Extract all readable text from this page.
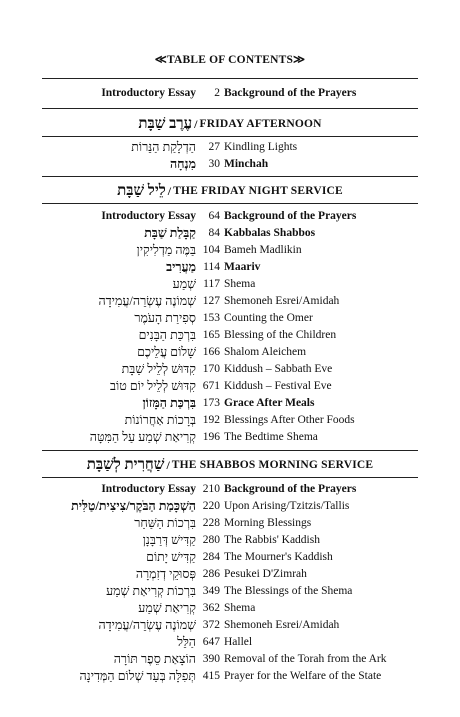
≪TABLE OF CONTENTS≫
Introductory Essay	2 Background of the Prayers
עֶרֶב שַׁבָּת / FRIDAY AFTERNOON
הַדְלָקַת הַנֵּרוֹת	27 Kindling Lights
מִנְחָה	30 Minchah
לֵיל שַׁבָּת / THE FRIDAY NIGHT SERVICE
Introductory Essay	64 Background of the Prayers
קַבָּלַת שַׁבָּת	84 Kabbalas Shabbos
בַּמֶּה מַדְלִיקִין 104 Bameh Madlikin
מַעֲרִיב 114 Maariv
שְׁמַע 117 Shema
שְׁמוֹנֶה עֶשְׂרֵה/עֲמִידָה 127 Shemoneh Esrei/Amidah
סְפִירַת הָעֹמֶר 153 Counting the Omer
בִּרְכַּת הַבָּנִים 165 Blessing of the Children
שָׁלוֹם עֲלֵיכֶם 166 Shalom Aleichem
קִדּוּשׁ לְלֵיל שַׁבָּת 170 Kiddush – Sabbath Eve
קִדּוּשׁ לְלֵיל יוֹם טוֹב 671 Kiddush – Festival Eve
בִּרְכַּת הַמָּזוֹן 173 Grace After Meals
בְּרָכוֹת אַחֲרוֹנוֹת 192 Blessings After Other Foods
קְרִיאַת שְׁמַע עַל הַמִּטָּה 196 The Bedtime Shema
שַׁחֲרִית לְשַׁבָּת / THE SHABBOS MORNING SERVICE
Introductory Essay 210 Background of the Prayers
הַשְׁכָּמַת הַבֹּקֶר/צִיצִית/טַלִּית 220 Upon Arising/Tzitzis/Tallis
בִּרְכוֹת הַשַּׁחַר 228 Morning Blessings
קַדִּישׁ דְּרַבָּנָן 280 The Rabbis' Kaddish
קַדִּישׁ יָתוֹם 284 The Mourner's Kaddish
פְּסוּקֵי דְזִמְרָה 286 Pesukei D'Zimrah
בִּרְכוֹת קְרִיאַת שְׁמַע 349 The Blessings of the Shema
קְרִיאַת שְׁמַע 362 Shema
שְׁמוֹנֶה עֶשְׂרֵה/עֲמִידָה 372 Shemoneh Esrei/Amidah
הַלֵּל 647 Hallel
הוֹצָאַת סֵפֶר תּוֹרָה 390 Removal of the Torah from the Ark
תְּפִלָּה בְּעַד שְׁלוֹם הַמְּדִינָה 415 Prayer for the Welfare of the State
